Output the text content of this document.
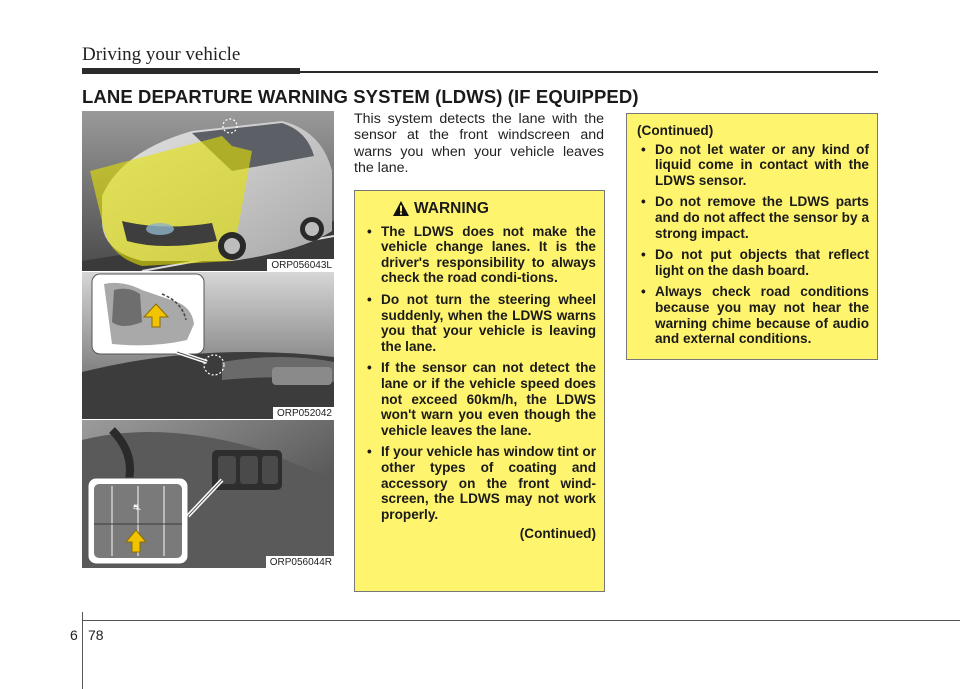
Driving your vehicle
LANE DEPARTURE WARNING SYSTEM (LDWS) (IF EQUIPPED)
ORP056043L
ORP052042
⛐
ORP056044R
This system detects the lane with the sensor at the front windscreen and warns you when your vehicle leaves the lane.
WARNING
• The LDWS does not make the vehicle change lanes. It is the driver's responsibility to always check the road condi-tions.
• Do not turn the steering wheel suddenly, when the LDWS warns you that your vehicle is leaving the lane.
• If the sensor can not detect the lane or if the vehicle speed does not exceed 60km/h, the LDWS won't warn you even though the vehicle leaves the lane.
• If your vehicle has window tint or other types of coating and accessory on the front wind-screen, the LDWS may not work properly.
(Continued)
(Continued)
• Do not let water or any kind of liquid come in contact with the LDWS sensor.
• Do not remove the LDWS parts and do not affect the sensor by a strong impact.
• Do not put objects that reflect light on the dash board.
• Always check road conditions because you may not hear the warning chime because of audio and external conditions.
6 78
